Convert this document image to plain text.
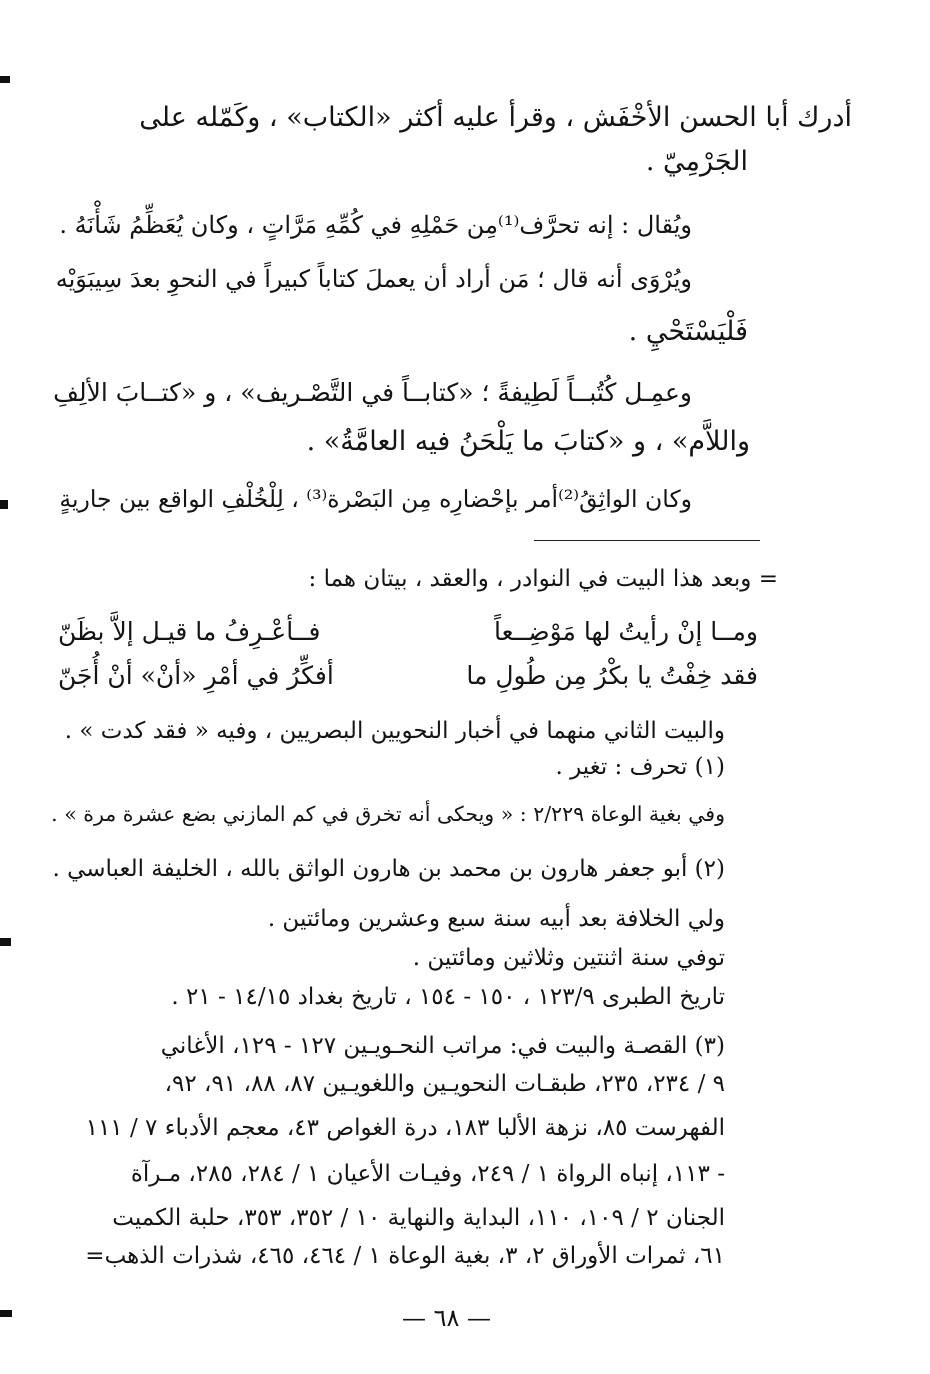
أدرك أبا الحسن الأخْفَش ، وقرأ عليه أكثر «الكتاب» ، وكَمّله على

الجَرْمِيّ .

ويُقال : إنه تحرَّف⁽¹⁾مِن حَمْلِهِ في كُمِّهِ مَرَّاتٍ ، وكان يُعَظِّمُ شَأْنَهُ .

ويُرْوَى أنه قال ؛ مَن أراد أن يعملَ كتاباً كبيراً في النحوِ بعدَ سِيبَوَيْه

فَلْيَسْتَحْيِ .

وعمِـل كُتُبــاً لَطِيفةً ؛ «كتابــاً في التَّصْـريف» ، و «كتــابَ الألِفِ

واللاَّم» ، و «كتابَ ما يَلْحَنُ فيه العامَّةُ» .

وكان الواثِقُ⁽²⁾أمر بإحْضارِه مِن البَصْرة⁽³⁾ ، لِلْخُلْفِ الواقع بين جاريةٍ

= وبعد هذا البيت في النوادر ، والعقد ، بيتان هما :

ومــا إنْ رأيتُ لها مَوْضِــعاً
فــأعْـرِفُ ما قيـل إلاَّ بظَنّ
فقد خِفْتُ يا بكْرُ مِن طُولِ ما
أفكِّرُ في أمْرِ «أنْ» أنْ أُجَنّ

والبيت الثاني منهما في أخبار النحويين البصريين ، وفيه « فقد كدت » .

(١) تحرف : تغير .

وفي بغية الوعاة ٢/٢٢٩ : « ويحكى أنه تخرق في كم المازني بضع عشرة مرة » .

(٢) أبو جعفر هارون بن محمد بن هارون الواثق بالله ، الخليفة العباسي .

ولي الخلافة بعد أبيه سنة سبع وعشرين ومائتين .

توفي سنة اثنتين وثلاثين ومائتين .

تاريخ الطبرى ١٢٣/٩ ، ١٥٠ - ١٥٤ ، تاريخ بغداد ١٤/١٥ - ٢١ .

(٣) القصـة والبيت في: مراتب النحـويـين ١٢٧ - ١٢٩، الأغاني

٩ / ٢٣٤، ٢٣٥، طبقـات النحويـين واللغويـين ٨٧، ٨٨، ٩١، ٩٢،

الفهرست ٨٥، نزهة الألبا ١٨٣، درة الغواص ٤٣، معجم الأدباء ٧ / ١١١

- ١١٣، إنباه الرواة ١ / ٢٤٩، وفيـات الأعيان ١ / ٢٨٤، ٢٨٥، مـرآة

الجنان ٢ / ١٠٩، ١١٠، البداية والنهاية ١٠ / ٣٥٢، ٣٥٣، حلبة الكميت

٦١، ثمرات الأوراق ٢، ٣، بغية الوعاة ١ / ٤٦٤، ٤٦٥، شذرات الذهب=

— ٦٨ —
